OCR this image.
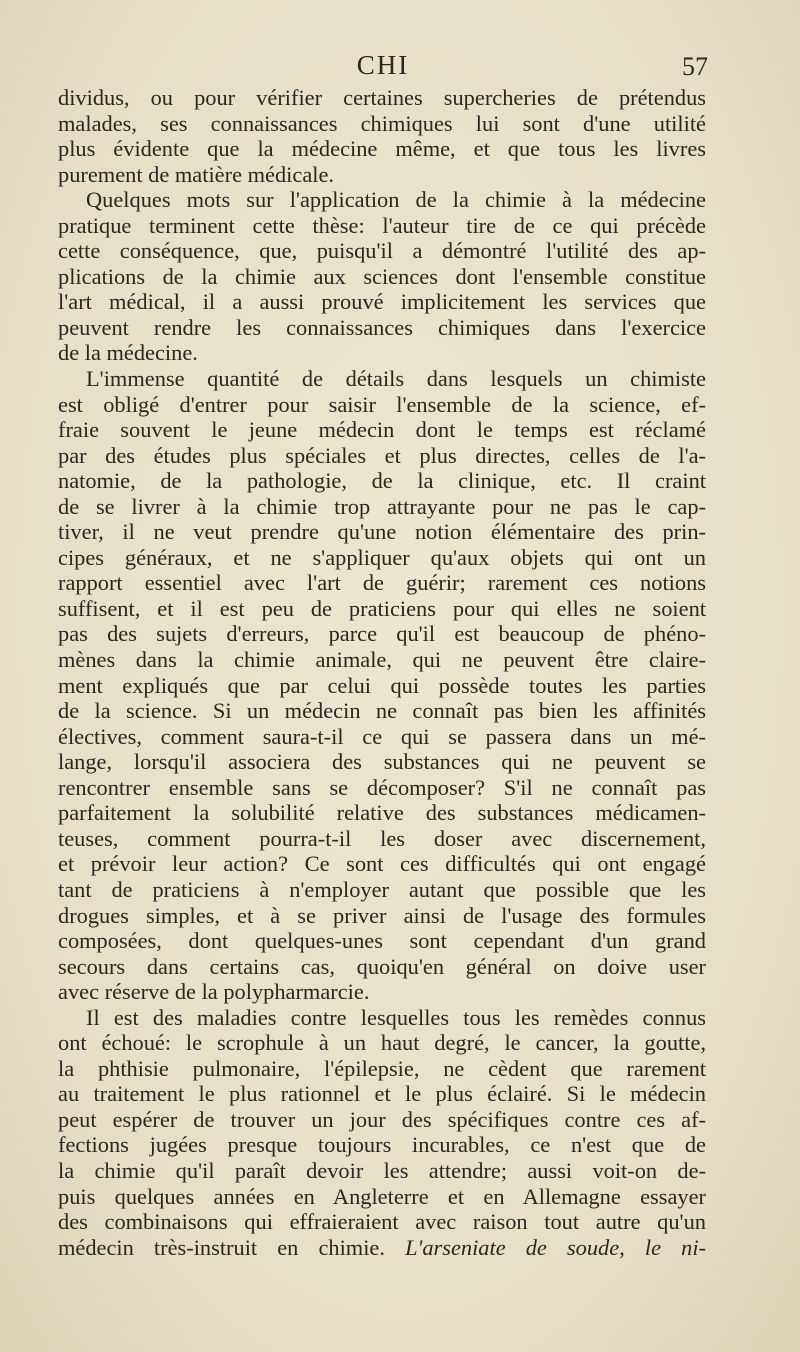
CHI	57
dividus, ou pour vérifier certaines supercheries de prétendus
malades, ses connaissances chimiques lui sont d'une utilité
plus évidente que la médecine même, et que tous les livres
purement de matière médicale.
Quelques mots sur l'application de la chimie à la médecine
pratique terminent cette thèse: l'auteur tire de ce qui précède
cette conséquence, que, puisqu'il a démontré l'utilité des ap-
plications de la chimie aux sciences dont l'ensemble constitue
l'art médical, il a aussi prouvé implicitement les services que
peuvent rendre les connaissances chimiques dans l'exercice
de la médecine.
L'immense quantité de détails dans lesquels un chimiste
est obligé d'entrer pour saisir l'ensemble de la science, ef-
fraie souvent le jeune médecin dont le temps est réclamé
par des études plus spéciales et plus directes, celles de l'a-
natomie, de la pathologie, de la clinique, etc. Il craint
de se livrer à la chimie trop attrayante pour ne pas le cap-
tiver, il ne veut prendre qu'une notion élémentaire des prin-
cipes généraux, et ne s'appliquer qu'aux objets qui ont un
rapport essentiel avec l'art de guérir; rarement ces notions
suffisent, et il est peu de praticiens pour qui elles ne soient
pas des sujets d'erreurs, parce qu'il est beaucoup de phéno-
mènes dans la chimie animale, qui ne peuvent être claire-
ment expliqués que par celui qui possède toutes les parties
de la science. Si un médecin ne connaît pas bien les affinités
électives, comment saura-t-il ce qui se passera dans un mé-
lange, lorsqu'il associera des substances qui ne peuvent se
rencontrer ensemble sans se décomposer? S'il ne connaît pas
parfaitement la solubilité relative des substances médicamen-
teuses, comment pourra-t-il les doser avec discernement,
et prévoir leur action? Ce sont ces difficultés qui ont engagé
tant de praticiens à n'employer autant que possible que les
drogues simples, et à se priver ainsi de l'usage des formules
composées, dont quelques-unes sont cependant d'un grand
secours dans certains cas, quoiqu'en général on doive user
avec réserve de la polypharmarcie.
Il est des maladies contre lesquelles tous les remèdes connus
ont échoué: le scrophule à un haut degré, le cancer, la goutte,
la phthisie pulmonaire, l'épilepsie, ne cèdent que rarement
au traitement le plus rationnel et le plus éclairé. Si le médecin
peut espérer de trouver un jour des spécifiques contre ces af-
fections jugées presque toujours incurables, ce n'est que de
la chimie qu'il paraît devoir les attendre; aussi voit-on de-
puis quelques années en Angleterre et en Allemagne essayer
des combinaisons qui effraieraient avec raison tout autre qu'un
médecin très-instruit en chimie. L'arseniate de soude, le ni-
